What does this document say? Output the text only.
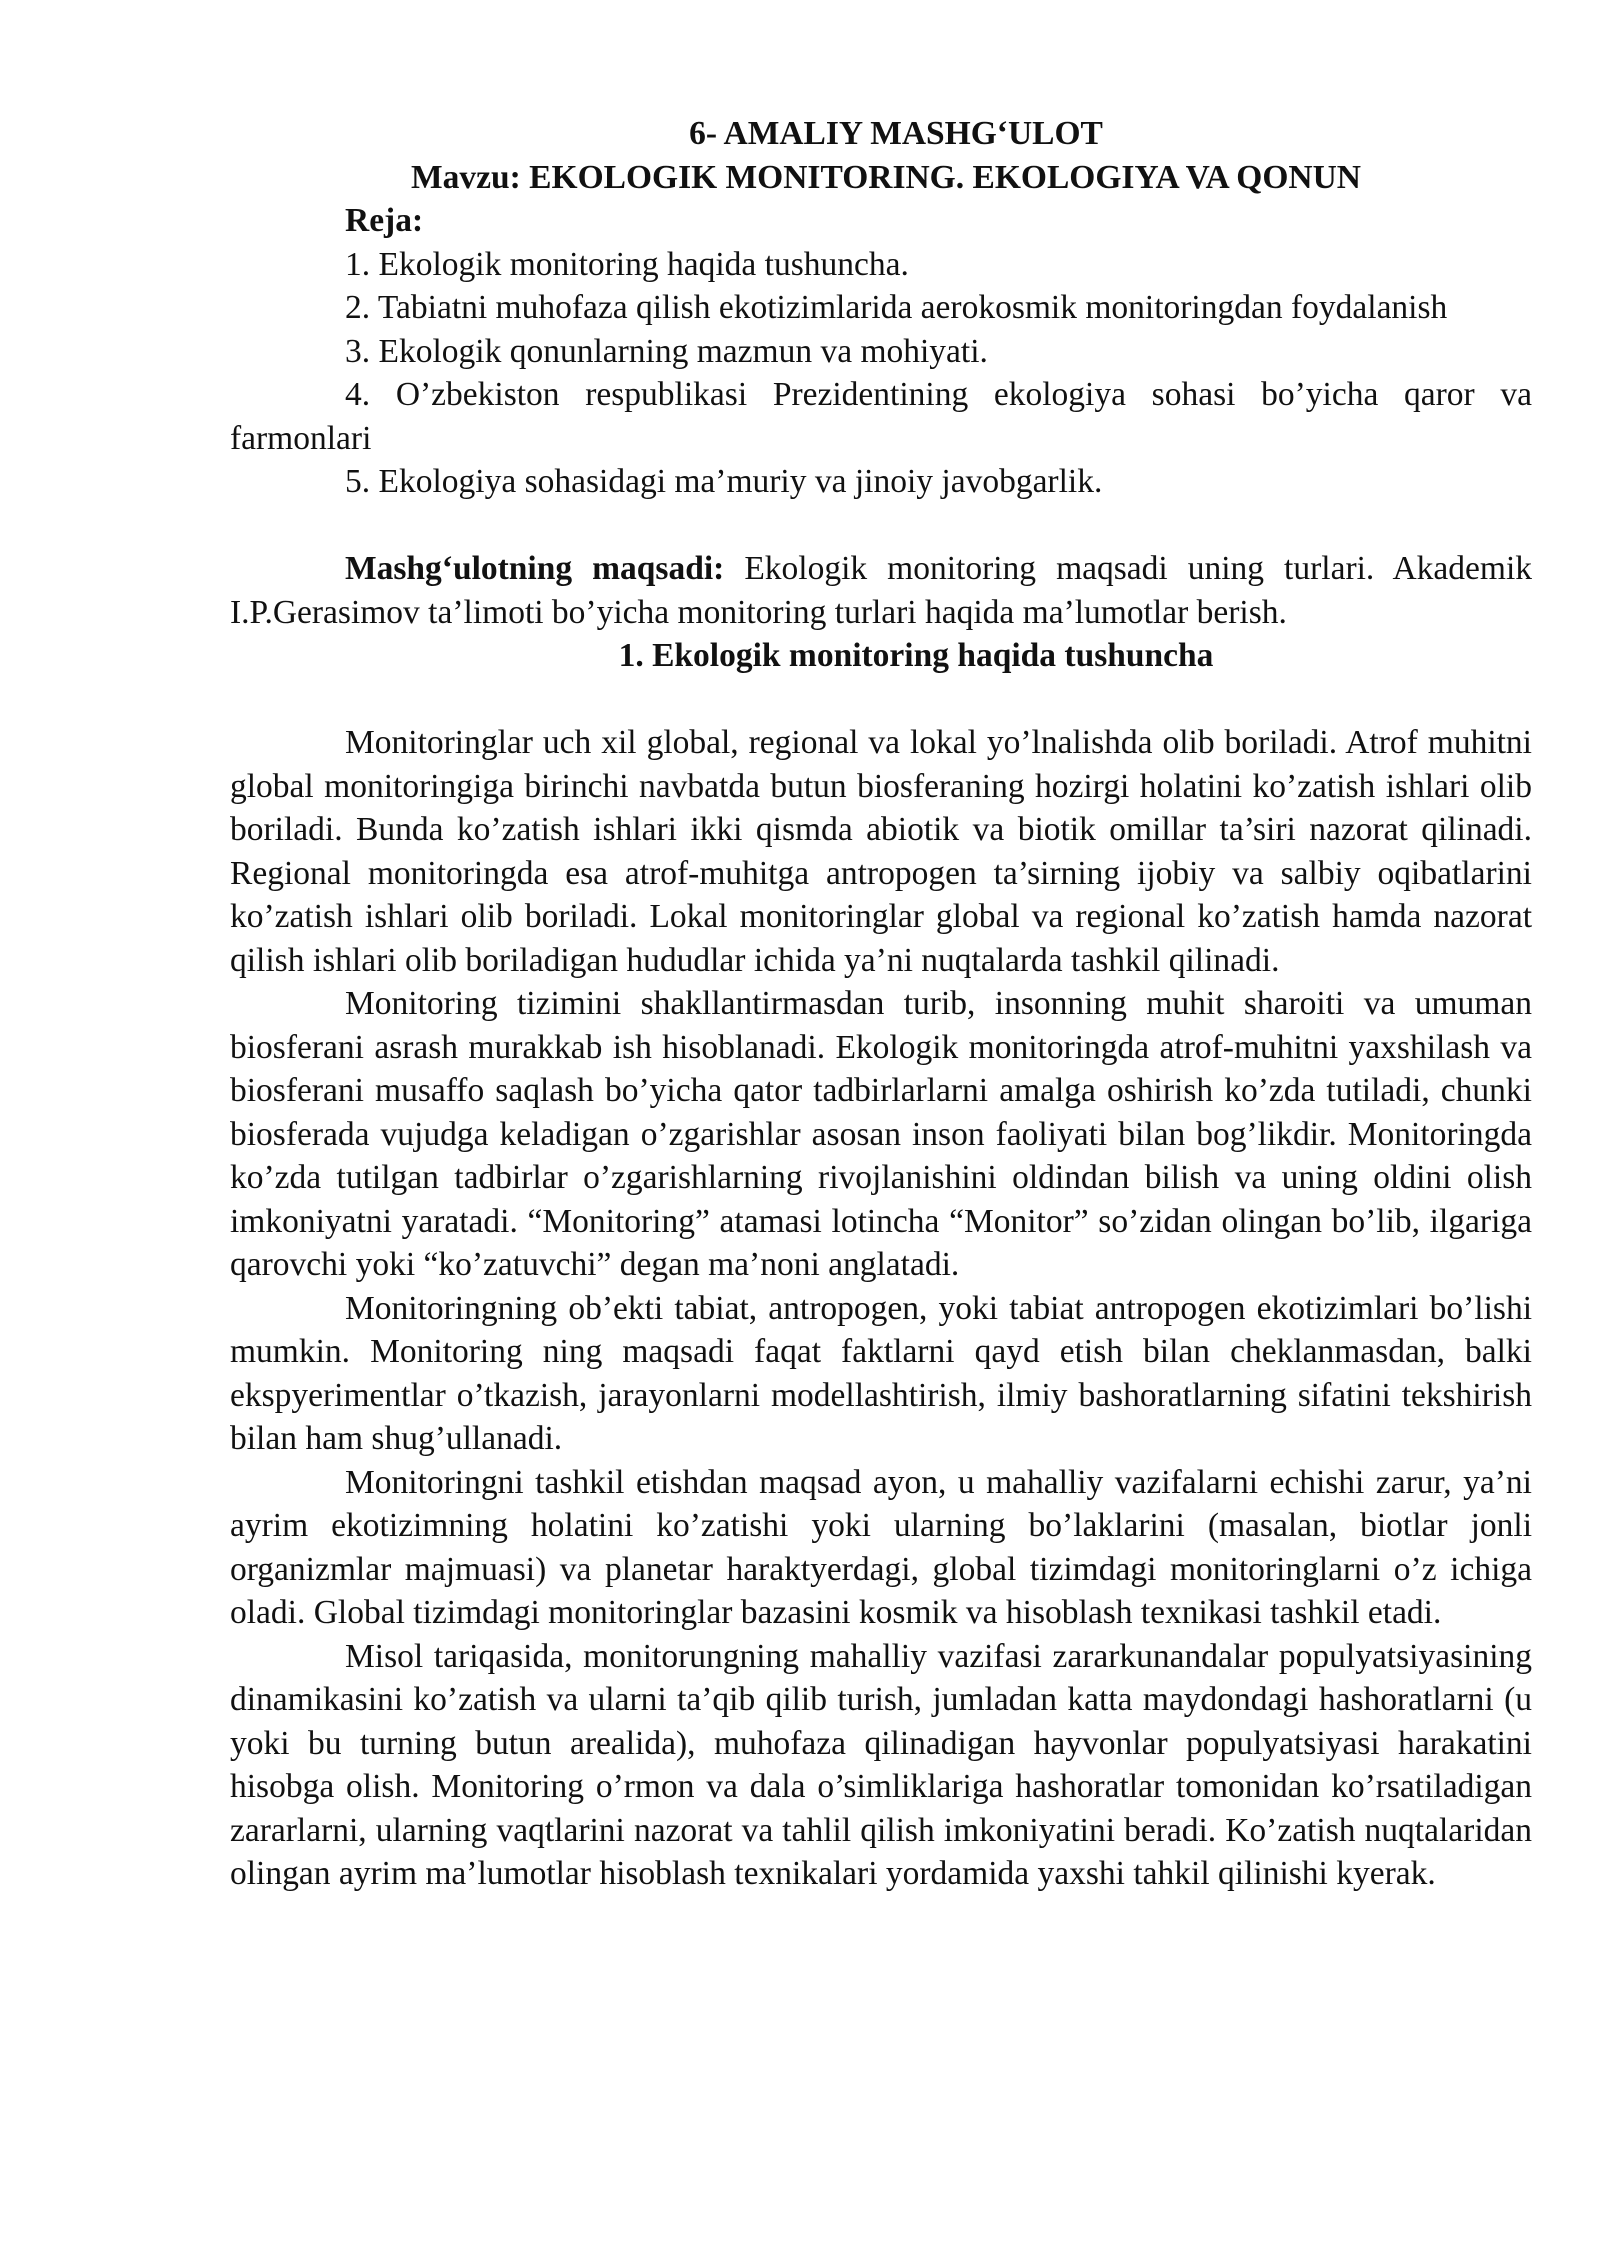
6- AMALIY MASHG‘ULOT
Mavzu: EKOLOGIK MONITORING. EKOLOGIYA VA QONUN
Reja:
1. Ekologik monitoring haqida tushuncha.
2. Tabiatni muhofaza qilish ekotizimlarida aerokosmik monitoringdan foydalanish
3. Ekologik qonunlarning mazmun va mohiyati.
4. O’zbekiston respublikasi Prezidentining ekologiya sohasi bo’yicha qaror va farmonlari
5. Ekologiya sohasidagi ma’muriy va jinoiy javobgarlik.

Mashg‘ulotning maqsadi: Ekologik monitoring maqsadi uning turlari. Akademik I.P.Gerasimov ta’limoti bo’yicha monitoring turlari haqida ma’lumotlar berish.

1. Ekologik monitoring haqida tushuncha

Monitoringlar uch xil global, regional va lokal yo’lnalishda olib boriladi. Atrof muhitni global monitoringiga birinchi navbatda butun biosferaning hozirgi holatini ko’zatish ishlari olib boriladi. Bunda ko’zatish ishlari ikki qismda abiotik va biotik omillar ta’siri nazorat qilinadi. Regional monitoringda esa atrof-muhitga antropogen ta’sirning ijobiy va salbiy oqibatlarini ko’zatish ishlari olib boriladi. Lokal monitoringlar global va regional ko’zatish hamda nazorat qilish ishlari olib boriladigan hududlar ichida ya’ni nuqtalarda tashkil qilinadi.

Monitoring tizimini shakllantirmasdan turib, insonning muhit sharoiti va umuman biosferani asrash murakkab ish hisoblanadi. Ekologik monitoringda atrof-muhitni yaxshilash va biosferani musaffo saqlash bo’yicha qator tadbirlarlarni amalga oshirish ko’zda tutiladi, chunki biosferada vujudga keladigan o’zgarishlar asosan inson faoliyati bilan bog’likdir. Monitoringda ko’zda tutilgan tadbirlar o’zgarishlarning rivojlanishini oldindan bilish va uning oldini olish imkoniyatni yaratadi. “Monitoring” atamasi lotincha “Monitor” so’zidan olingan bo’lib, ilgariga qarovchi yoki “ko’zatuvchi” degan ma’noni anglatadi.

Monitoringning ob’ekti tabiat, antropogen, yoki tabiat antropogen ekotizimlari bo’lishi mumkin. Monitoring ning maqsadi faqat faktlarni qayd etish bilan cheklanmasdan, balki ekspyerimentlar o’tkazish, jarayonlarni modellashtirish, ilmiy bashoratlarning sifatini tekshirish bilan ham shug’ullanadi.

Monitoringni tashkil etishdan maqsad ayon, u mahalliy vazifalarni echishi zarur, ya’ni ayrim ekotizimning holatini ko’zatishi yoki ularning bo’laklarini (masalan, biotlar jonli organizmlar majmuasi) va planetar haraktyerdagi, global tizimdagi monitoringlarni o’z ichiga oladi. Global tizimdagi monitoringlar bazasini kosmik va hisoblash texnikasi tashkil etadi.

Misol tariqasida, monitorungning mahalliy vazifasi zararkunandalar populyatsiyasining dinamikasini ko’zatish va ularni ta’qib qilib turish, jumladan katta maydondagi hashoratlarni (u yoki bu turning butun arealida), muhofaza qilinadigan hayvonlar populyatsiyasi harakatini hisobga olish. Monitoring o’rmon va dala o’simliklariga hashoratlar tomonidan ko’rsatiladigan zararlarni, ularning vaqtlarini nazorat va tahlil qilish imkoniyatini beradi. Ko’zatish nuqtalaridan olingan ayrim ma’lumotlar hisoblash texnikalari yordamida yaxshi tahkil qilinishi kyerak.
